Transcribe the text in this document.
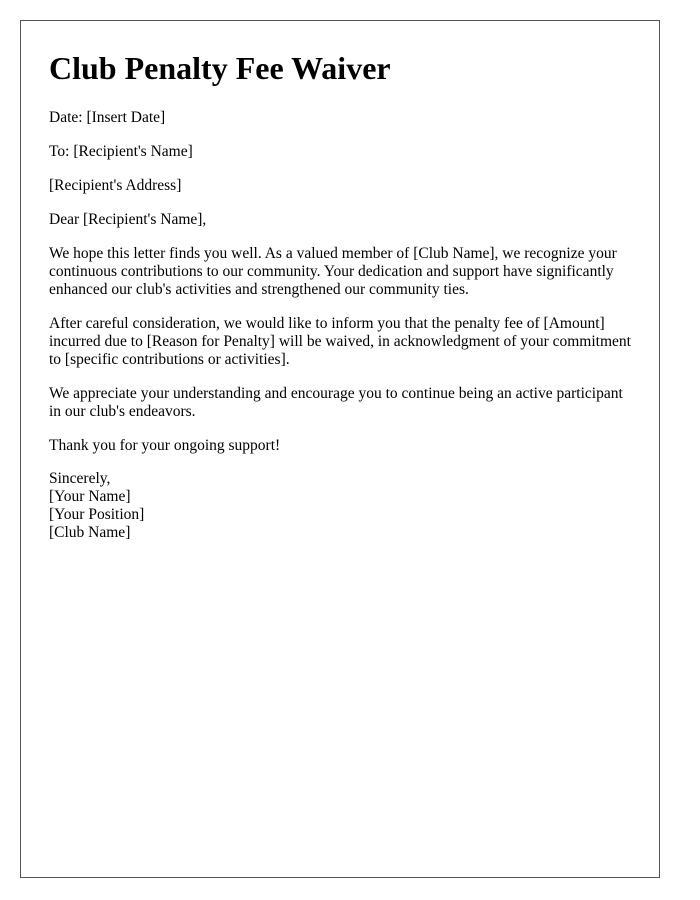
Club Penalty Fee Waiver

Date: [Insert Date]

To: [Recipient's Name]

[Recipient's Address]

Dear [Recipient's Name],

We hope this letter finds you well. As a valued member of [Club Name], we recognize your continuous contributions to our community. Your dedication and support have significantly enhanced our club's activities and strengthened our community ties.

After careful consideration, we would like to inform you that the penalty fee of [Amount] incurred due to [Reason for Penalty] will be waived, in acknowledgment of your commitment to [specific contributions or activities].

We appreciate your understanding and encourage you to continue being an active participant in our club's endeavors.

Thank you for your ongoing support!

Sincerely,

[Your Name]

[Your Position]

[Club Name]
